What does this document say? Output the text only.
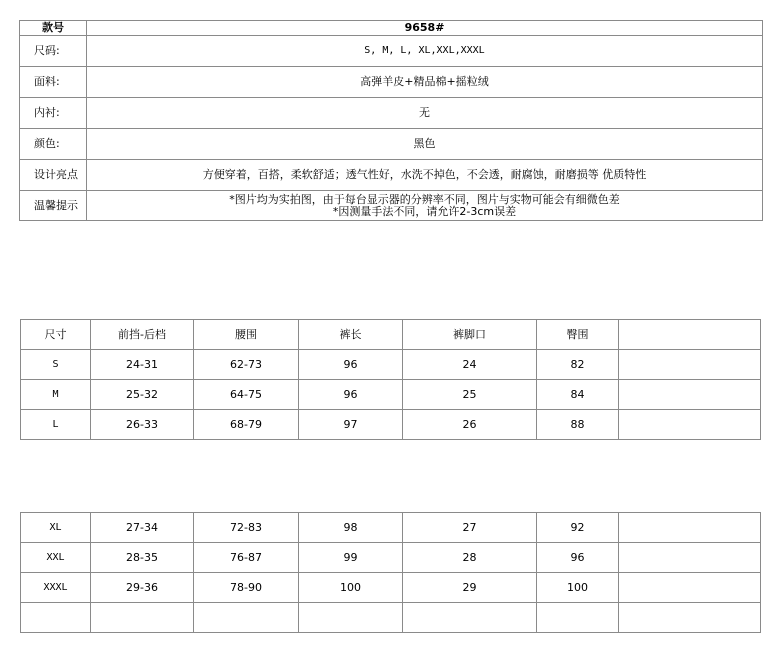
款号	9658#
尺码:	S, M, L, XL,XXL,XXXL
面料:	高弹羊皮+精品棉+摇粒绒
内衬:	无
颜色:	黑色
设计亮点	方便穿着，百搭，柔软舒适；透气性好，水洗不掉色，不会透，耐腐蚀，耐磨损等 优质特性
温馨提示	*图片均为实拍图，由于每台显示器的分辨率不同，图片与实物可能会有细微色差
*因测量手法不同，请允许2-3cm误差
尺寸	前挡-后档	腰围	裤长	裤脚口	臀围	
S	24-31	62-73	96	24	82	
M	25-32	64-75	96	25	84	
L	26-33	68-79	97	26	88	
XL	27-34	72-83	98	27	92	
XXL	28-35	76-87	99	28	96	
XXXL	29-36	78-90	100	29	100	
